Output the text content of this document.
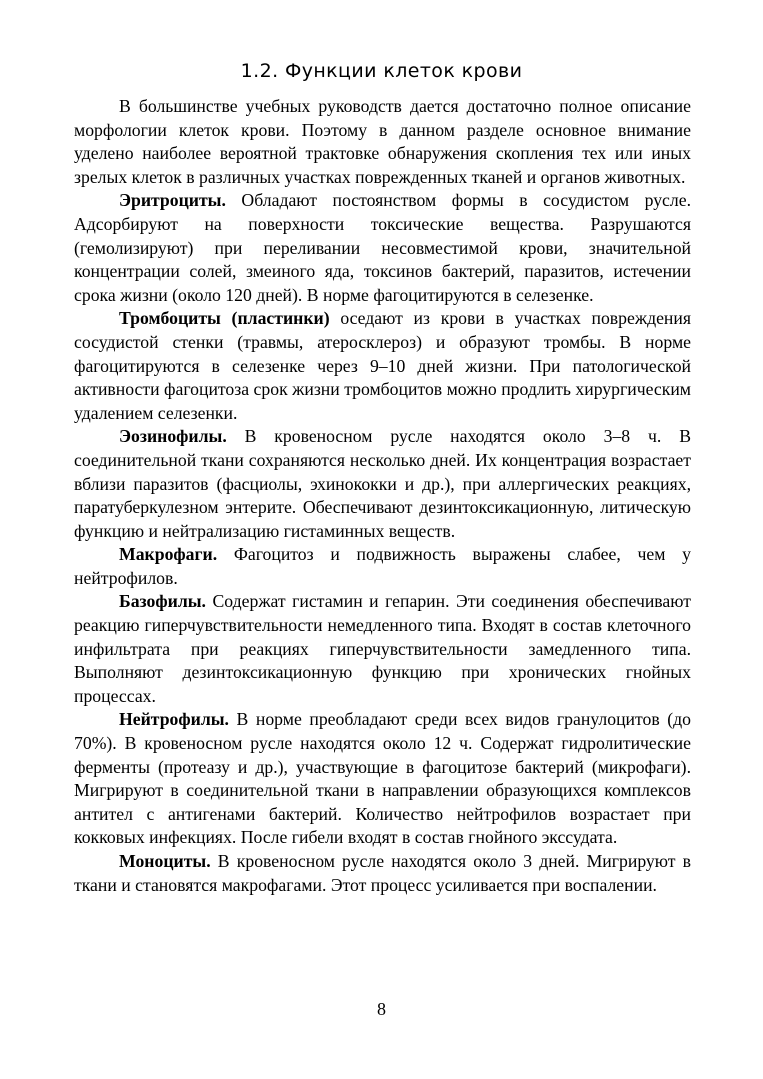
1.2. Функции клеток крови

В большинстве учебных руководств дается достаточно полное описание морфологии клеток крови. Поэтому в данном разделе основное внимание уделено наиболее вероятной трактовке обнаружения скопления тех или иных зрелых клеток в различных участках поврежденных тканей и органов животных.

Эритроциты. Обладают постоянством формы в сосудистом русле. Адсорбируют на поверхности токсические вещества. Разрушаются (гемолизируют) при переливании несовместимой крови, значительной концентрации солей, змеиного яда, токсинов бактерий, паразитов, истечении срока жизни (около 120 дней). В норме фагоцитируются в селезенке.

Тромбоциты (пластинки) оседают из крови в участках повреждения сосудистой стенки (травмы, атеросклероз) и образуют тромбы. В норме фагоцитируются в селезенке через 9–10 дней жизни. При патологической активности фагоцитоза срок жизни тромбоцитов можно продлить хирургическим удалением селезенки.

Эозинофилы. В кровеносном русле находятся около 3–8 ч. В соединительной ткани сохраняются несколько дней. Их концентрация возрастает вблизи паразитов (фасциолы, эхинококки и др.), при аллергических реакциях, паратуберкулезном энтерите. Обеспечивают дезинтоксикационную, литическую функцию и нейтрализацию гистаминных веществ.

Макрофаги. Фагоцитоз и подвижность выражены слабее, чем у нейтрофилов.

Базофилы. Содержат гистамин и гепарин. Эти соединения обеспечивают реакцию гиперчувствительности немедленного типа. Входят в состав клеточного инфильтрата при реакциях гиперчувствительности замедленного типа. Выполняют дезинтоксикационную функцию при хронических гнойных процессах.

Нейтрофилы. В норме преобладают среди всех видов гранулоцитов (до 70%). В кровеносном русле находятся около 12 ч. Содержат гидролитические ферменты (протеазу и др.), участвующие в фагоцитозе бактерий (микрофаги). Мигрируют в соединительной ткани в направлении образующихся комплексов антител с антигенами бактерий. Количество нейтрофилов возрастает при кокковых инфекциях. После гибели входят в состав гнойного экссудата.

Моноциты. В кровеносном русле находятся около 3 дней. Мигрируют в ткани и становятся макрофагами. Этот процесс усиливается при воспалении.

8
